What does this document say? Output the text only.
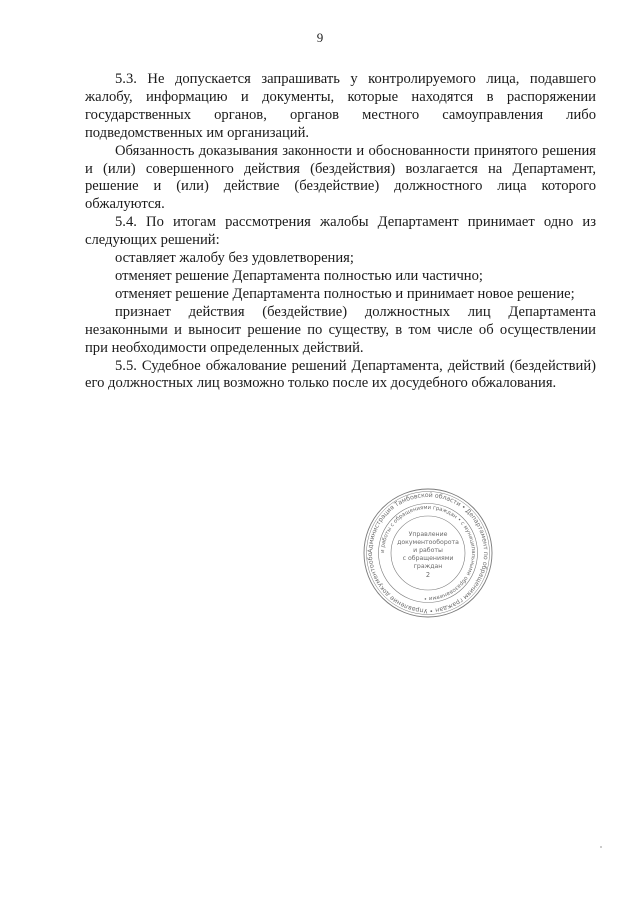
9

5.3. Не допускается запрашивать у контролируемого лица, подавшего жалобу, информацию и документы, которые находятся в распоряжении государственных органов, органов местного самоуправления либо подведомственных им организаций.

Обязанность доказывания законности и обоснованности принятого решения и (или) совершенного действия (бездействия) возлагается на Департамент, решение и (или) действие (бездействие) должностного лица которого обжалуются.

5.4. По итогам рассмотрения жалобы Департамент принимает одно из следующих решений:

оставляет жалобу без удовлетворения;

отменяет решение Департамента полностью или частично;

отменяет решение Департамента полностью и принимает новое решение;

признает действия (бездействие) должностных лиц Департамента незаконными и выносит решение по существу, в том числе об осуществлении при необходимости определенных действий.

5.5. Судебное обжалование решений Департамента, действий (бездействий) его должностных лиц возможно только после их досудебного обжалования.

Администрация Тамбовской области • Департамент по обращениям граждан • Управление документообо
и работы с обращениями граждан • с муниципальными образованиями •
Управление
документооборота
и работы
с обращениями
граждан
2
